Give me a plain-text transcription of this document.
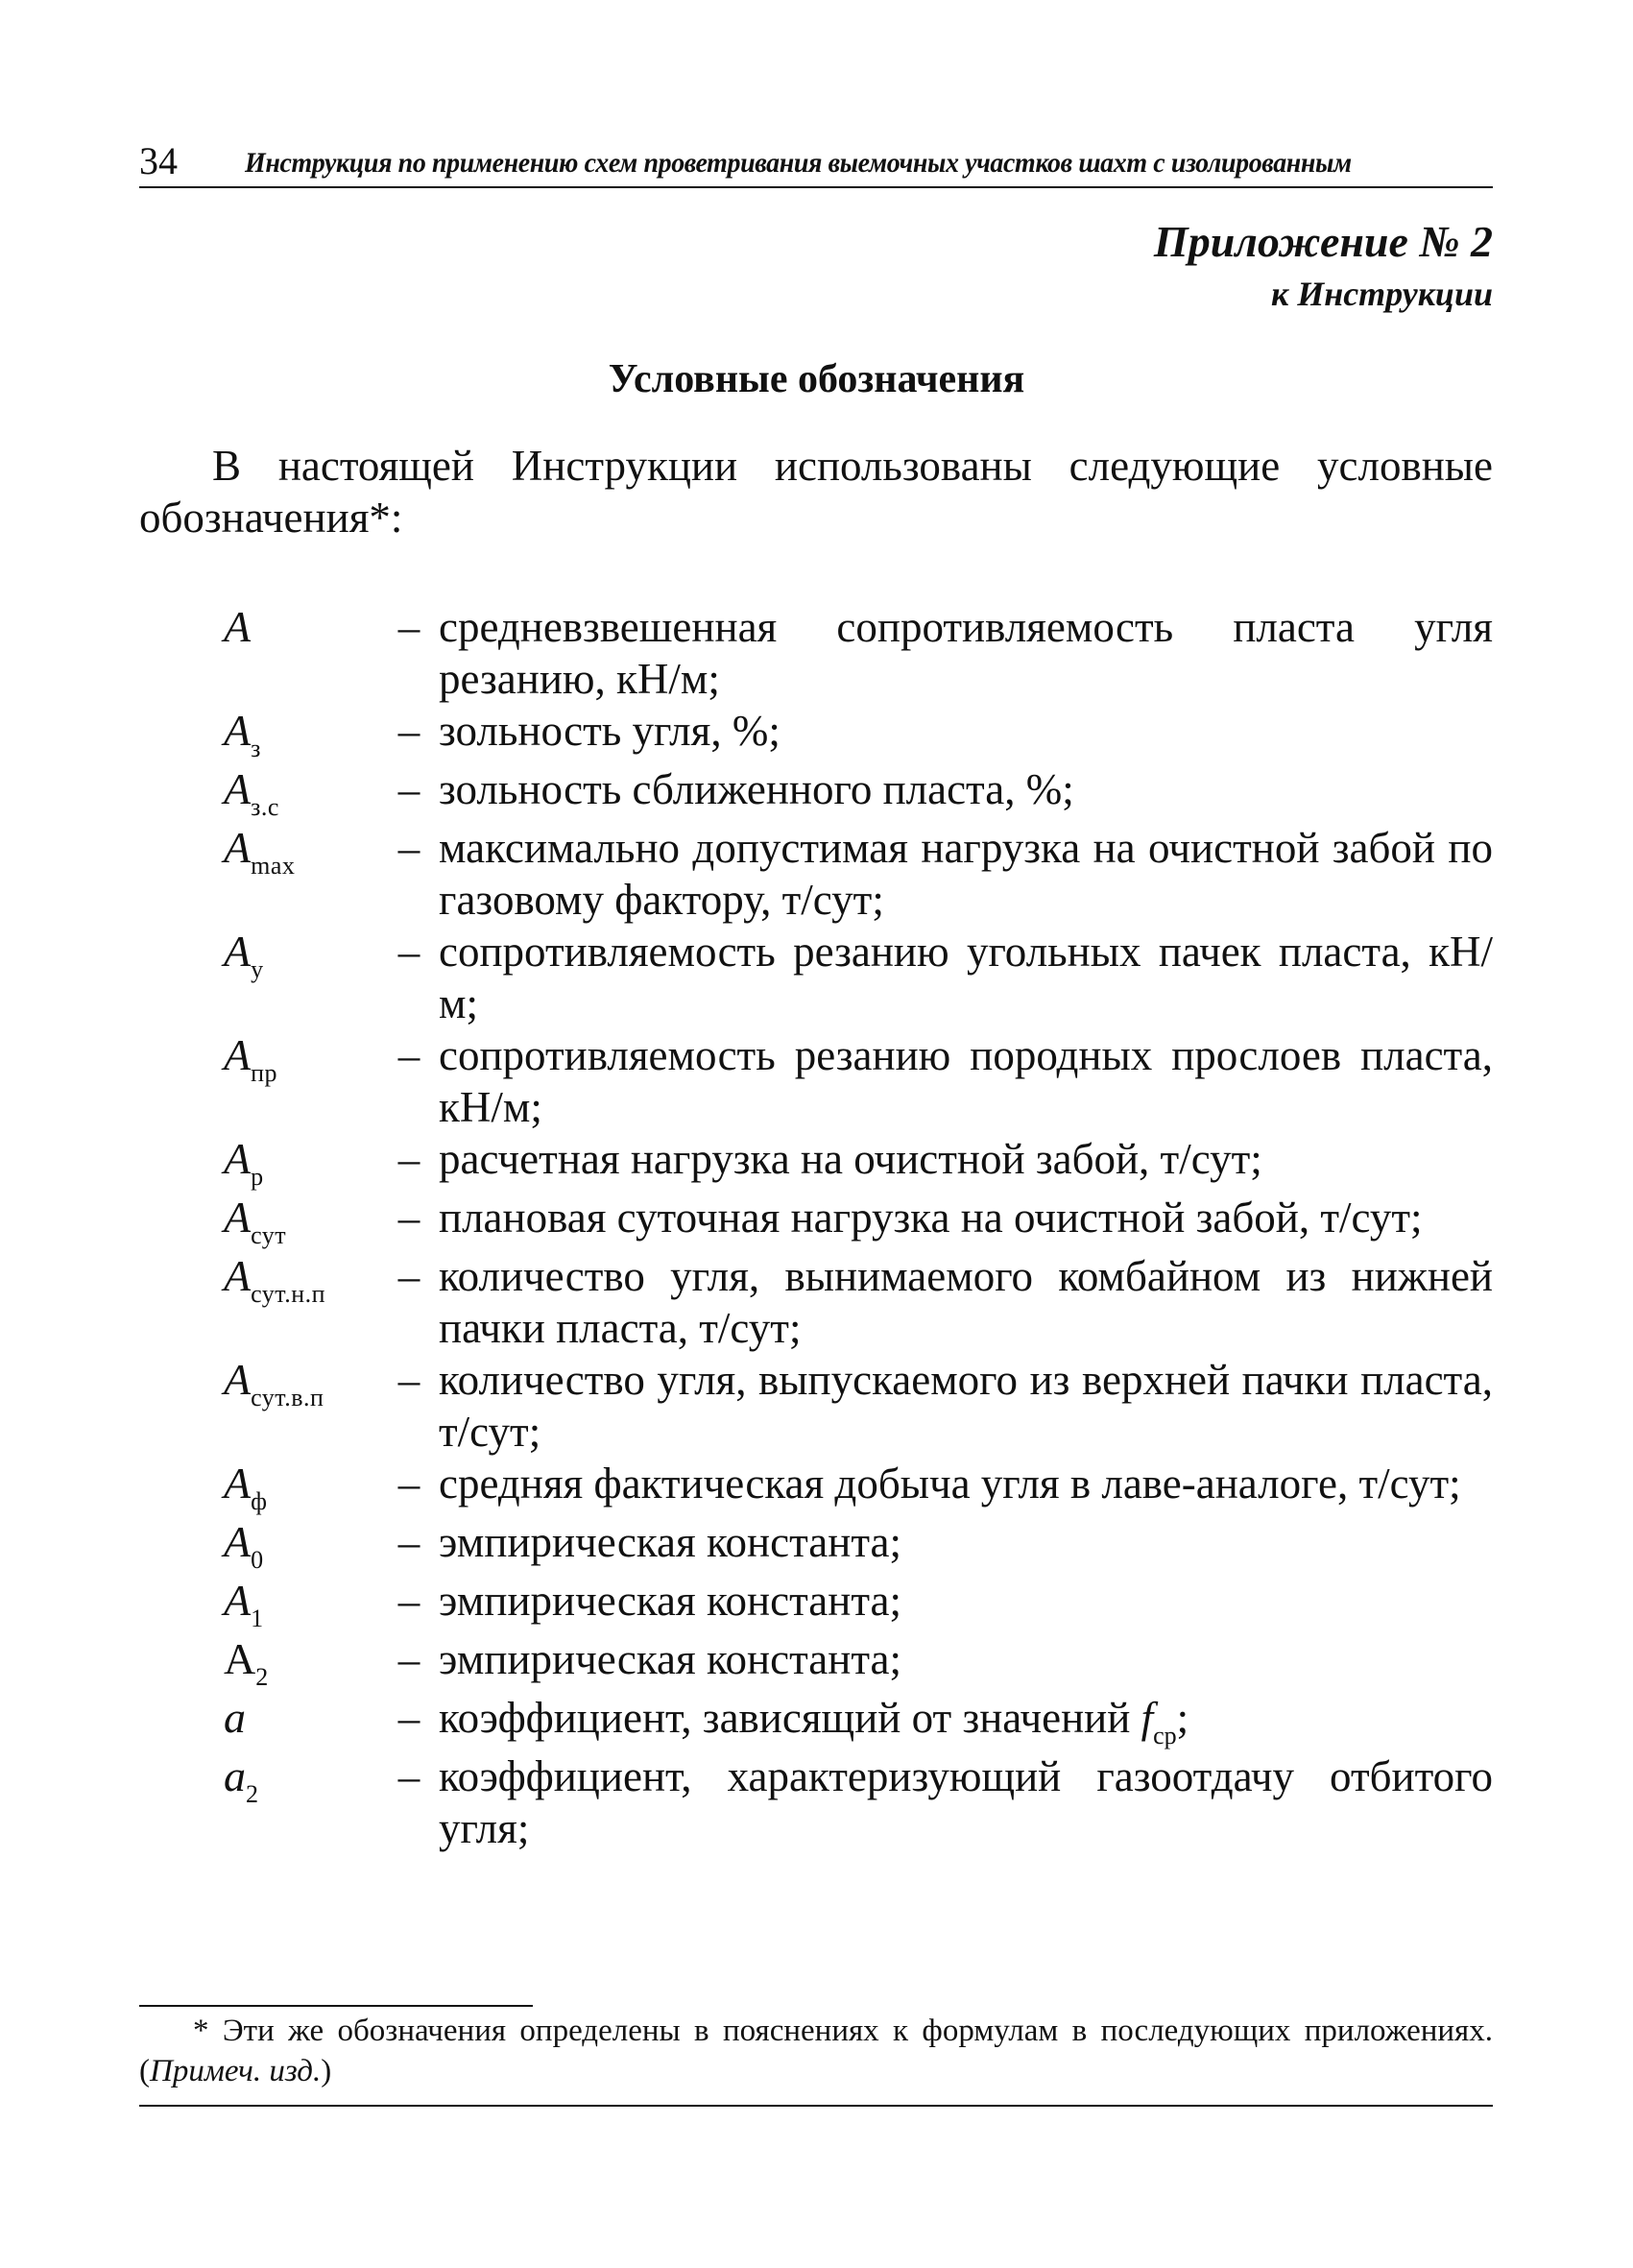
34	Инструкция по применению схем проветривания выемочных участков шахт с изолированным
Приложение № 2
к Инструкции
Условные обозначения

В настоящей Инструкции использованы следующие условные обозначения*:

A	– средневзвешенная сопротивляемость пласта угля резанию, кН/м;
$A_з$	– зольность угля, %;
$A_{з.с}$	– зольность сближенного пласта, %;
$A_{max}$	– максимально допустимая нагрузка на очистной забой по газовому фактору, т/сут;
$A_у$	– сопротивляемость резанию угольных пачек пласта, кН/м;
$A_{пр}$	– сопротивляемость резанию породных прослоев пласта, кН/м;
$A_р$	– расчетная нагрузка на очистной забой, т/сут;
$A_{сут}$	– плановая суточная нагрузка на очистной забой, т/сут;
$A_{сут.н.п}$	– количество угля, вынимаемого комбайном из нижней пачки пласта, т/сут;
$A_{сут.в.п}$	– количество угля, выпускаемого из верхней пачки пласта, т/сут;
$A_ф$	– средняя фактическая добыча угля в лаве-аналоге, т/сут;
$A_0$	– эмпирическая константа;
$A_1$	– эмпирическая константа;
$А_2$	– эмпирическая константа;
a	– коэффициент, зависящий от значений $f_{ср}$;
$a_2$	– коэффициент, характеризующий газоотдачу отбитого угля;

* Эти же обозначения определены в пояснениях к формулам в последующих приложениях. (Примеч. изд.)
